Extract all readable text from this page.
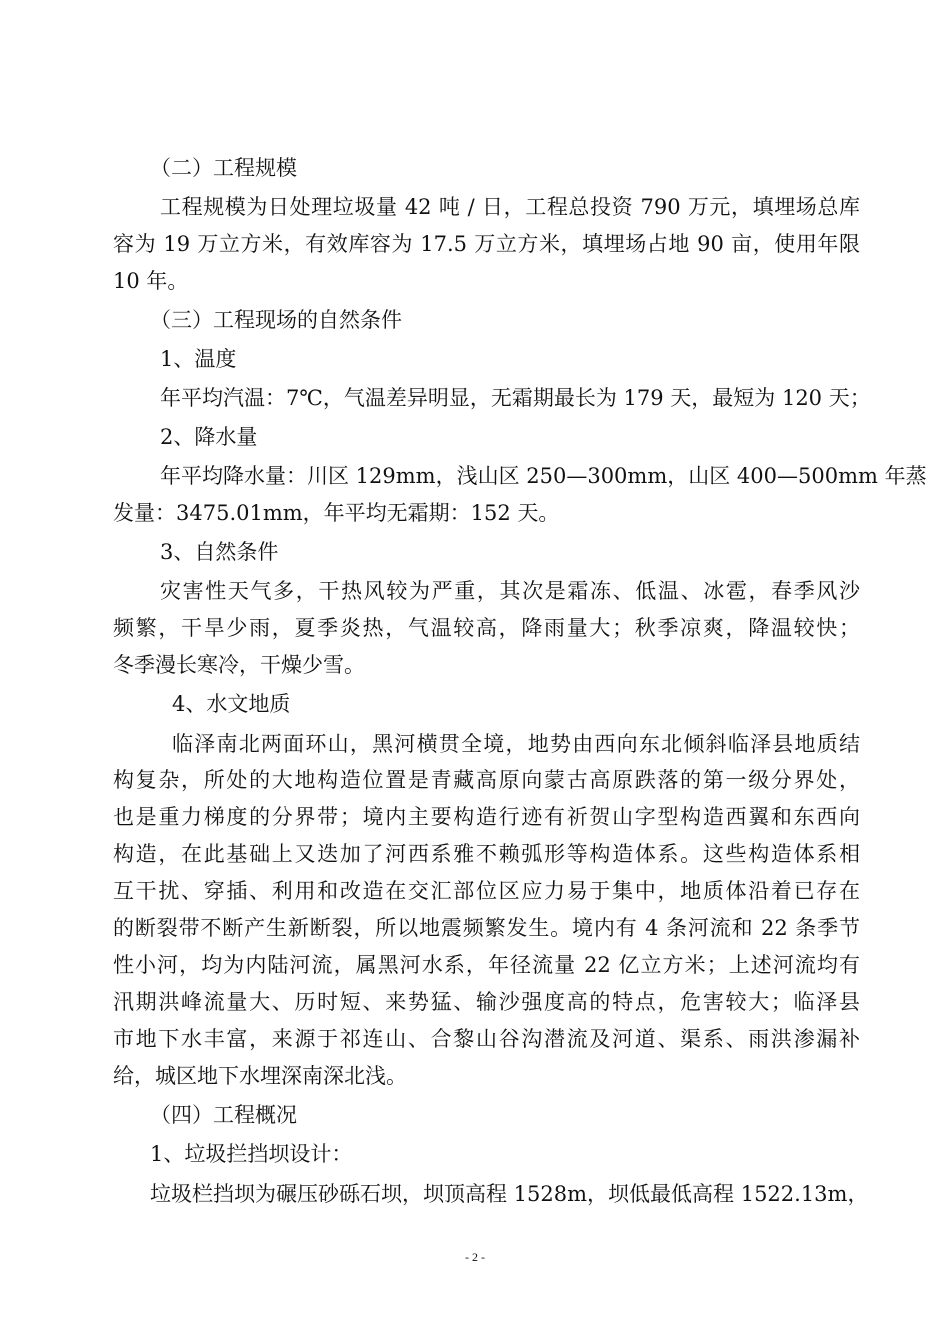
（二）工程规模
工程规模为日处理垃圾量 42 吨 / 日，工程总投资 790 万元，填埋场总库
容为 19 万立方米，有效库容为 17.5 万立方米，填埋场占地 90 亩，使用年限
10 年。
（三）工程现场的自然条件
1、温度
年平均汽温：7℃，气温差异明显，无霜期最长为 179 天，最短为 120 天；
2、降水量
年平均降水量：川区 129mm，浅山区 250—300mm，山区 400—500mm 年蒸
发量：3475.01mm，年平均无霜期：152 天。
3、自然条件
灾害性天气多，干热风较为严重，其次是霜冻、低温、冰雹，春季风沙
频繁，干旱少雨，夏季炎热，气温较高，降雨量大；秋季凉爽，降温较快；
冬季漫长寒冷，干燥少雪。
4、水文地质
临泽南北两面环山，黑河横贯全境，地势由西向东北倾斜临泽县地质结
构复杂，所处的大地构造位置是青藏高原向蒙古高原跌落的第一级分界处，
也是重力梯度的分界带；境内主要构造行迹有祈贺山字型构造西翼和东西向
构造，在此基础上又迭加了河西系雅不赖弧形等构造体系。这些构造体系相
互干扰、穿插、利用和改造在交汇部位区应力易于集中，地质体沿着已存在
的断裂带不断产生新断裂，所以地震频繁发生。境内有 4 条河流和 22 条季节
性小河，均为内陆河流，属黑河水系，年径流量 22 亿立方米；上述河流均有
汛期洪峰流量大、历时短、来势猛、输沙强度高的特点，危害较大；临泽县
市地下水丰富，来源于祁连山、合黎山谷沟潜流及河道、渠系、雨洪渗漏补
给，城区地下水埋深南深北浅。
（四）工程概况
1、垃圾拦挡坝设计：
垃圾栏挡坝为碾压砂砾石坝，坝顶高程 1528m，坝低最低高程 1522.13m，
- 2 -
